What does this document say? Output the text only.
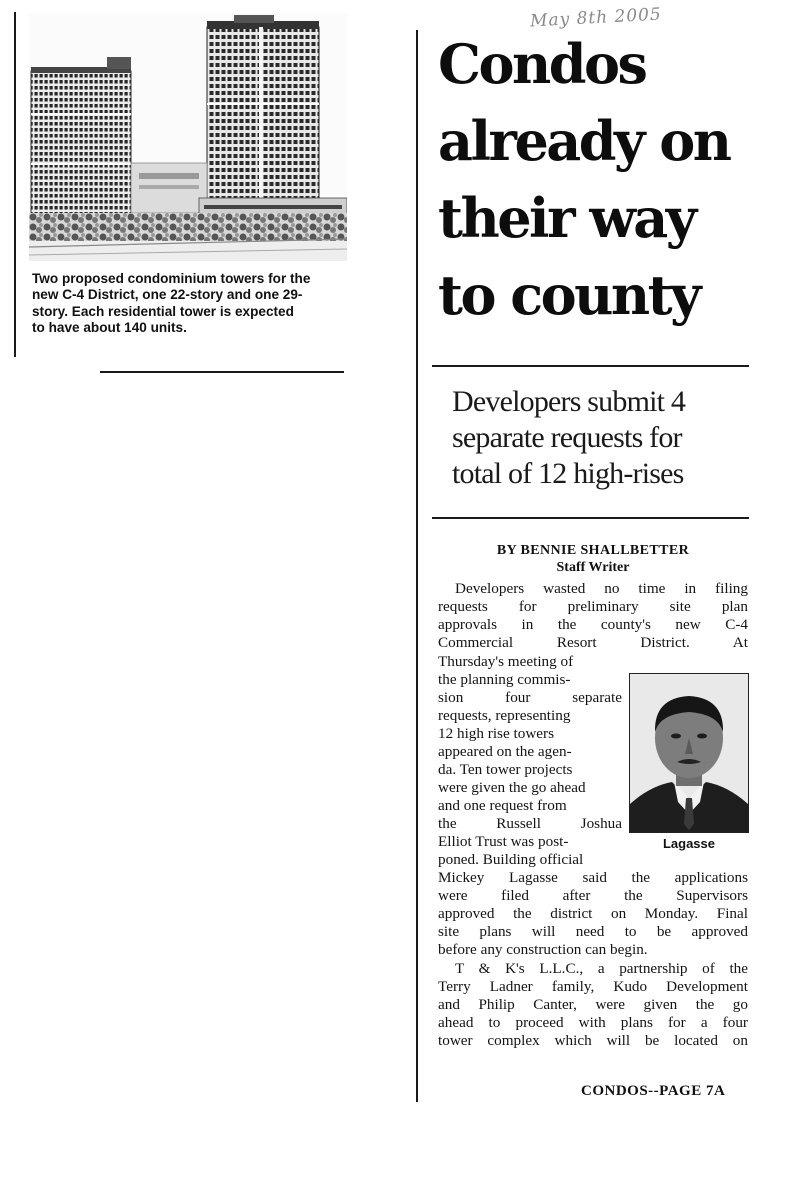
Two proposed condominium towers for the
new C-4 District, one 22-story and one 29-
story. Each residential tower is expected
to have about 140 units.
May 8th 2005
Condos
already on
their way
to county
Developers submit 4
separate requests for
total of 12 high-rises
BY BENNIE SHALLBETTER
Staff Writer
Developers wasted no time in filing
requests for preliminary site plan
approvals in the county's new C-4
Commercial Resort District. At
Thursday's meeting of
the planning commis-
sion four separate
requests, representing
12 high rise towers
appeared on the agen-
da. Ten tower projects
were given the go ahead
and one request from
the Russell Joshua
Elliot Trust was post-
poned. Building official
Mickey Lagasse said the applications
were filed after the Supervisors
approved the district on Monday. Final
site plans will need to be approved
before any construction can begin.
T & K's L.L.C., a partnership of the
Terry Ladner family, Kudo Development
and Philip Canter, were given the go
ahead to proceed with plans for a four
tower complex which will be located on
Lagasse
CONDOS--PAGE 7A
